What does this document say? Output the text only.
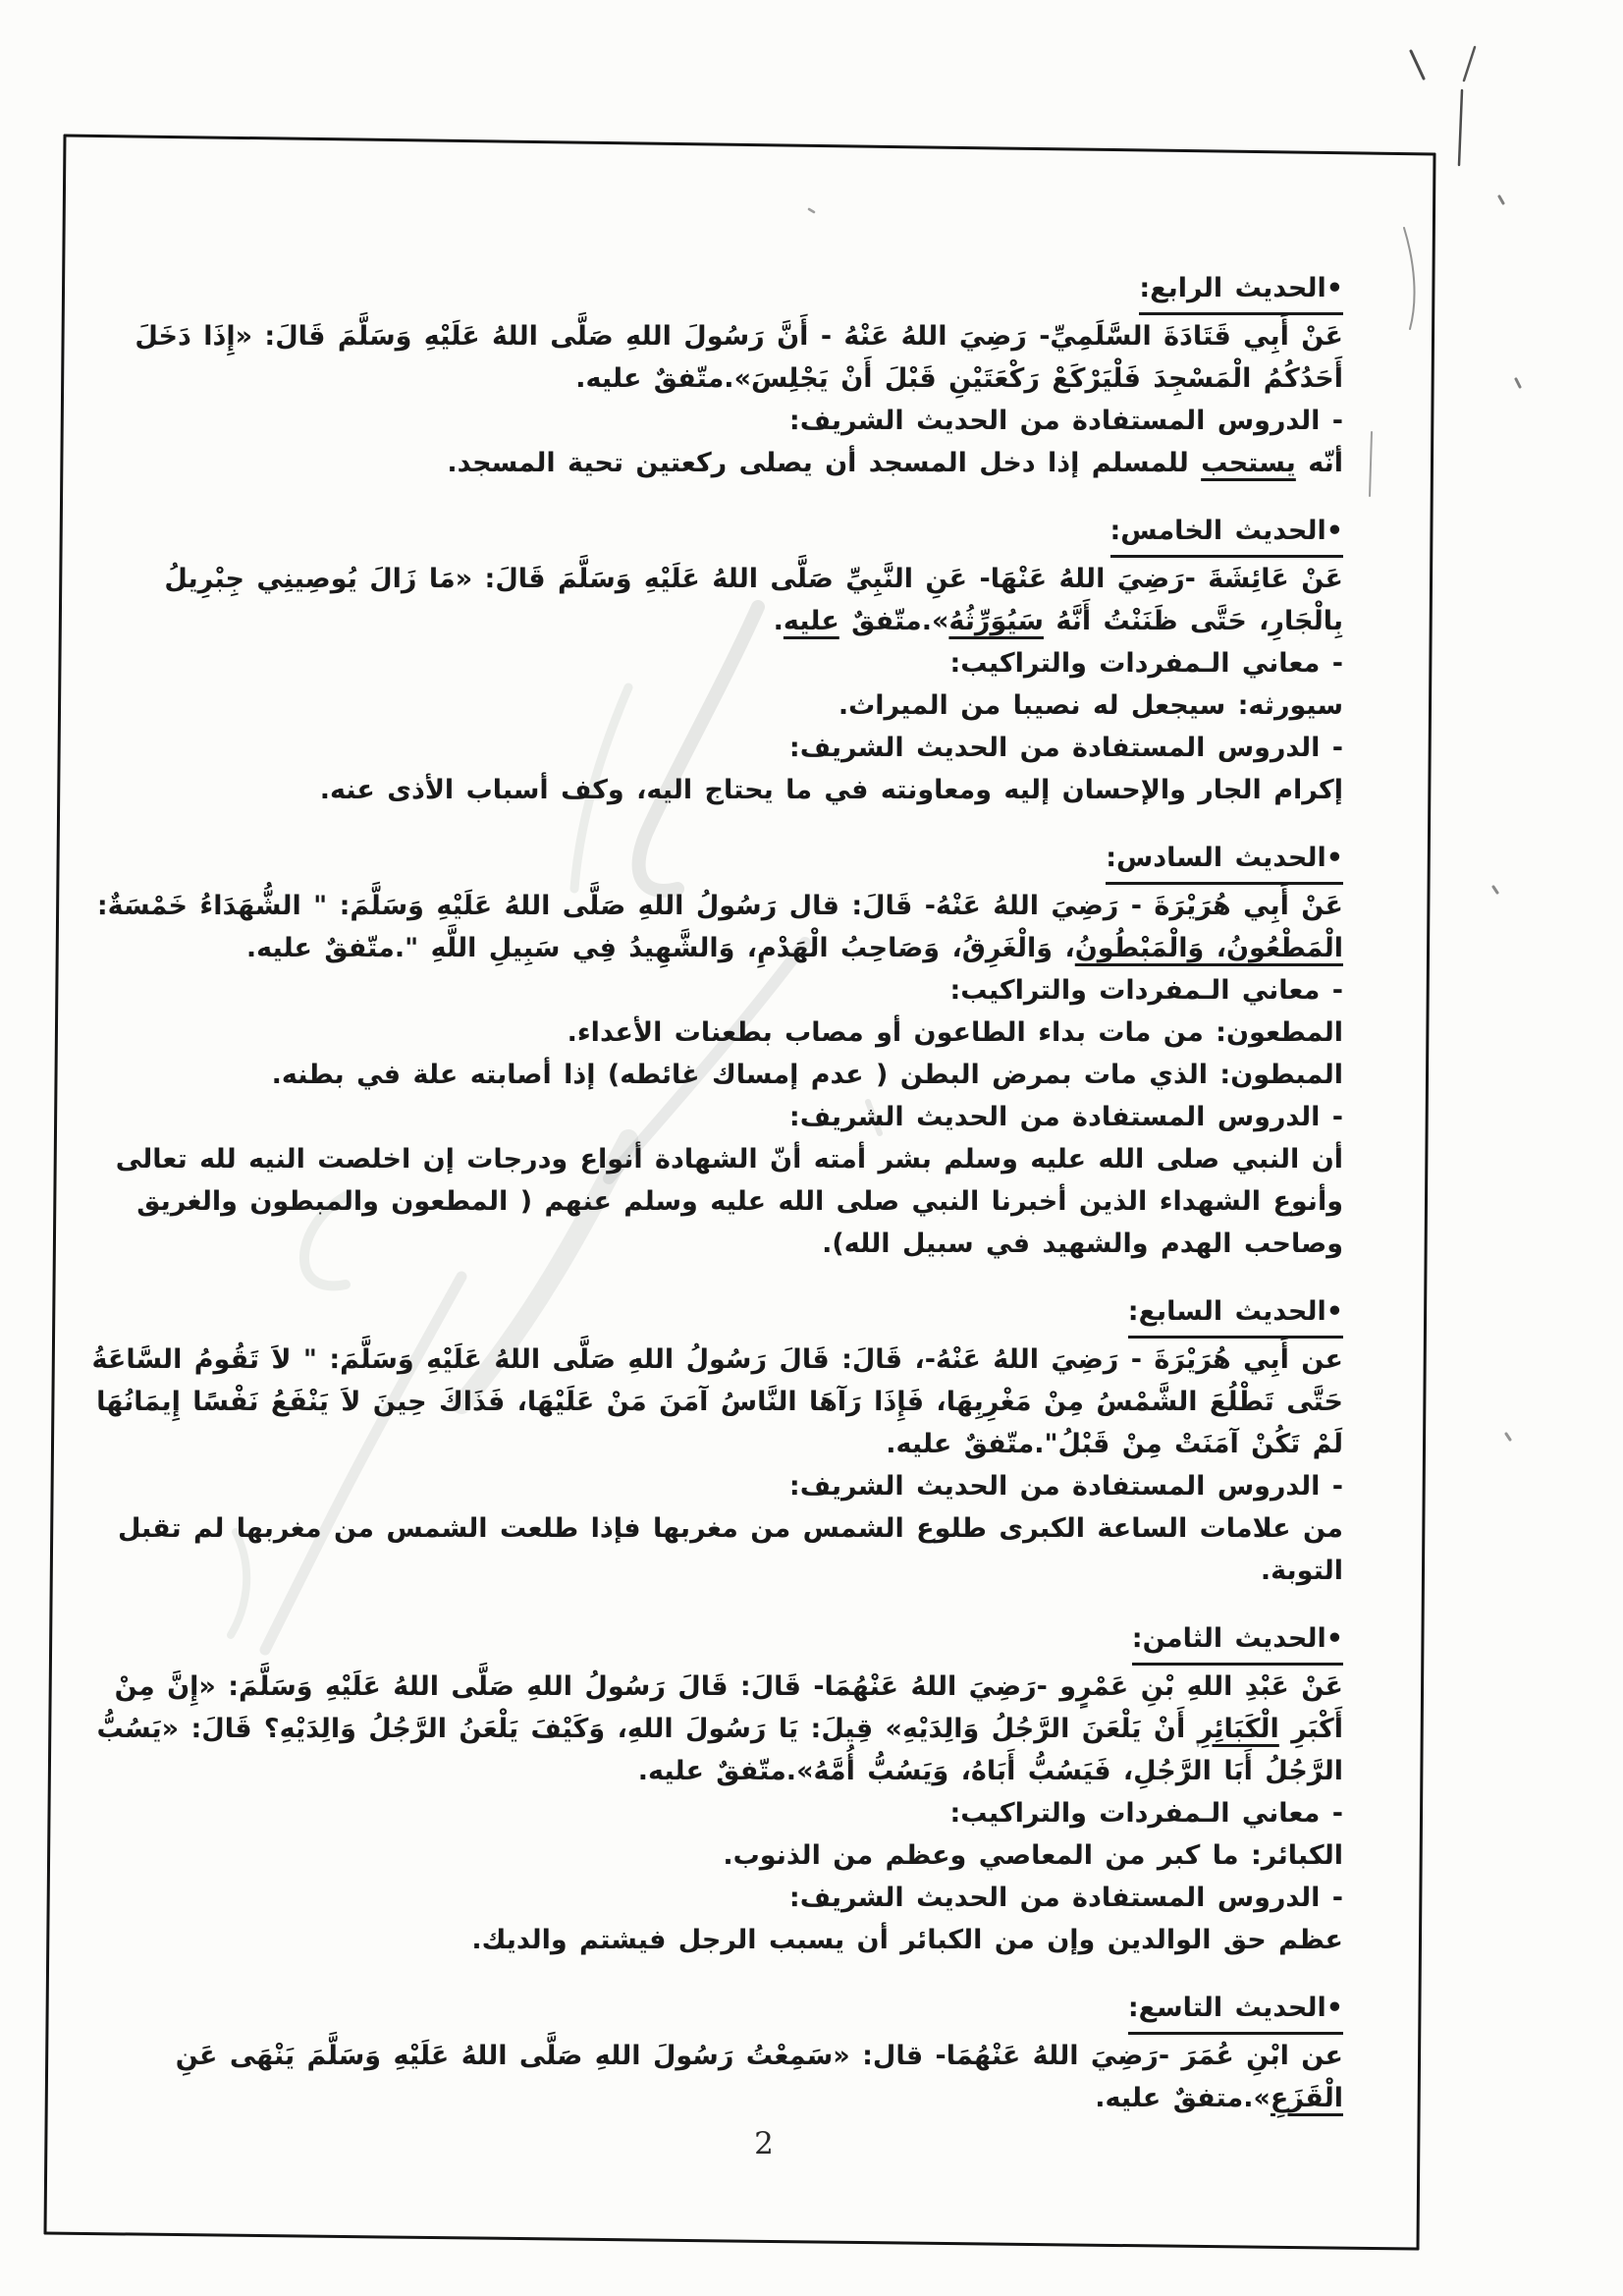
•الحديث الرابع:
عَنْ أَبِي قَتَادَةَ السَّلَمِيِّ- رَضِيَ اللهُ عَنْهُ - أَنَّ رَسُولَ اللهِ صَلَّى اللهُ عَلَيْهِ وَسَلَّمَ قَالَ: «إِذَا دَخَلَ
أَحَدُكُمُ الْمَسْجِدَ فَلْيَرْكَعْ رَكْعَتَيْنِ قَبْلَ أَنْ يَجْلِسَ».متّفقٌ عليه.
- الدروس المستفادة من الحديث الشريف:
أنّه يستحب للمسلم إذا دخل المسجد أن يصلى ركعتين تحية المسجد.
•الحديث الخامس:
عَنْ عَائِشَةَ -رَضِيَ اللهُ عَنْهَا- عَنِ النَّبِيِّ صَلَّى اللهُ عَلَيْهِ وَسَلَّمَ قَالَ: «مَا زَالَ يُوصِينِي جِبْرِيلُ
بِالْجَارِ، حَتَّى ظَنَنْتُ أَنَّهُ سَيُوَرِّثُهُ».متّفقٌ عليه.
- معاني الـمفردات والتراكيب:
سيورثه: سيجعل له نصيبا من الميراث.
- الدروس المستفادة من الحديث الشريف:
إكرام الجار والإحسان إليه ومعاونته في ما يحتاج اليه، وكف أسباب الأذى عنه.
•الحديث السادس:
عَنْ أَبِي هُرَيْرَةَ - رَضِيَ اللهُ عَنْهُ- قَالَ: قال رَسُولُ اللهِ صَلَّى اللهُ عَلَيْهِ وَسَلَّمَ: " الشُّهَدَاءُ خَمْسَةٌ:
الْمَطْعُونُ، وَالْمَبْطُونُ، وَالْغَرِقُ، وَصَاحِبُ الْهَدْمِ، وَالشَّهِيدُ فِي سَبِيلِ اللَّهِ ".متّفقٌ عليه.
- معاني الـمفردات والتراكيب:
المطعون: من مات بداء الطاعون أو مصاب بطعنات الأعداء.
المبطون: الذي مات بمرض البطن ( عدم إمساك غائطه) إذا أصابته علة في بطنه.
- الدروس المستفادة من الحديث الشريف:
أن النبي صلى الله عليه وسلم بشر أمته أنّ الشهادة أنواع ودرجات إن اخلصت النيه لله تعالى
وأنوع الشهداء الذين أخبرنا النبي صلى الله عليه وسلم عنهم ( المطعون والمبطون والغريق
وصاحب الهدم والشهيد في سبيل الله).
•الحديث السابع:
عن أَبِي هُرَيْرَةَ - رَضِيَ اللهُ عَنْهُ-، قَالَ: قَالَ رَسُولُ اللهِ صَلَّى اللهُ عَلَيْهِ وَسَلَّمَ: " لاَ تَقُومُ السَّاعَةُ
حَتَّى تَطْلُعَ الشَّمْسُ مِنْ مَغْرِبِهَا، فَإِذَا رَآهَا النَّاسُ آمَنَ مَنْ عَلَيْهَا، فَذَاكَ حِينَ لاَ يَنْفَعُ نَفْسًا إِيمَانُهَا
لَمْ تَكُنْ آمَنَتْ مِنْ قَبْلُ".متّفقٌ عليه.
- الدروس المستفادة من الحديث الشريف:
من علامات الساعة الكبرى طلوع الشمس من مغربها فإذا طلعت الشمس من مغربها لم تقبل
التوبة.
•الحديث الثامن:
عَنْ عَبْدِ اللهِ بْنِ عَمْرٍو -رَضِيَ اللهُ عَنْهُمَا- قَالَ: قَالَ رَسُولُ اللهِ صَلَّى اللهُ عَلَيْهِ وَسَلَّمَ: «إِنَّ مِنْ
أَكْبَرِ الْكَبَائِرِ أَنْ يَلْعَنَ الرَّجُلُ وَالِدَيْهِ» قِيلَ: يَا رَسُولَ اللهِ، وَكَيْفَ يَلْعَنُ الرَّجُلُ وَالِدَيْهِ؟ قَالَ: «يَسُبُّ
الرَّجُلُ أَبَا الرَّجُلِ، فَيَسُبُّ أَبَاهُ، وَيَسُبُّ أُمَّهُ».متّفقٌ عليه.
- معاني الـمفردات والتراكيب:
الكبائر: ما كبر من المعاصي وعظم من الذنوب.
- الدروس المستفادة من الحديث الشريف:
عظم حق الوالدين وإن من الكبائر أن يسبب الرجل فيشتم والديك.
•الحديث التاسع:
عن ابْنِ عُمَرَ -رَضِيَ اللهُ عَنْهُمَا- قال: «سَمِعْتُ رَسُولَ اللهِ صَلَّى اللهُ عَلَيْهِ وَسَلَّمَ يَنْهَى عَنِ
الْقَزَعِ».متفقٌ عليه.
2
